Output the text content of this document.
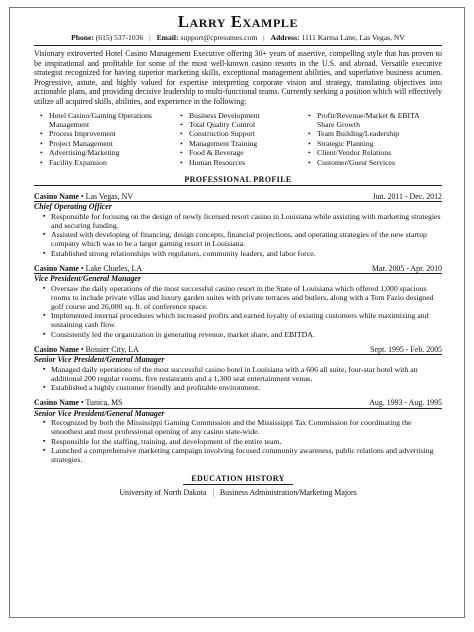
Larry Example
Phone: (615) 537-1036 | Email: support@cpresumes.com | Address: 1111 Karma Lane, Las Vegas, NV
Visionary extroverted Hotel Casino Management Executive offering 30+ years of assertive, compelling style that has proven to be inspirational and profitable for some of the most well-known casino resorts in the U.S. and abroad. Versatile executive strategist recognized for having superior marketing skills, exceptional management abilities, and superlative business acumen. Progressive, astute, and highly valued for expertise interpreting corporate vision and strategy, translating objectives into actionable plans, and providing decisive leadership to multi-functional teams. Currently seeking a position which will effectively utilize all acquired skills, abilities, and experience in the following:
• Hotel Casino/Gaming Operations Management
• Process Improvement
• Project Management
• Advertising/Marketing
• Facility Expansion
• Business Development
• Total Quality Control
• Construction Support
• Management Training
• Food & Beverage
• Human Resources
• Profit/Revenue/Market & EBITA Share Growth
• Team Building/Leadership
• Strategic Planning
• Client/Vendor Relations
• Customer/Guest Services
PROFESSIONAL PROFILE
Casino Name • Las Vegas, NV	Jun. 2011 - Dec. 2012
Chief Operating Officer
▪ Responsible for focusing on the design of newly licensed resort casino in Louisiana while assisting with marketing strategies and securing funding.
▪ Assisted with developing of financing, design concepts, financial projections, and operating strategies of the new startup company which was to be a larger gaming resort in Louisiana.
▪ Established strong relationships with regulators, community leaders, and labor force.
Casino Name • Lake Charles, LA	Mar. 2005 - Apr. 2010
Vice President/General Manager
▪ Oversaw the daily operations of the most successful casino resort in the State of Louisiana which offered 1,000 spacious rooms to include private villas and luxury garden suites with private terraces and butlers, along with a Tom Fazio designed golf course and 26,000 sq. ft. of conference space.
▪ Implemented internal procedures which increased profits and earned loyalty of existing customers while maximizing and sustaining cash flow.
▪ Consistently led the organization in generating revenue, market share, and EBITDA.
Casino Name • Bossier City, LA	Sept. 1995 - Feb. 2005
Senior Vice President/General Manager
▪ Managed daily operations of the most successful casino hotel in Louisiana with a 606 all suite, four-star hotel with an additional 200 regular rooms, five restaurants and a 1,300 seat entertainment venue.
▪ Established a highly customer friendly and profitable environment.
Casino Name • Tunica, MS	Aug. 1993 - Aug. 1995
Senior Vice President/General Manager
▪ Recognized by both the Mississippi Gaming Commission and the Mississippi Tax Commission for coordinating the smoothest and most professional opening of any casino state-wide.
▪ Responsible for the staffing, training, and development of the entire team.
▪ Launched a comprehensive marketing campaign involving focused community awareness, public relations and advertising strategies.
EDUCATION HISTORY
University of North Dakota | Business Administration/Marketing Majors
